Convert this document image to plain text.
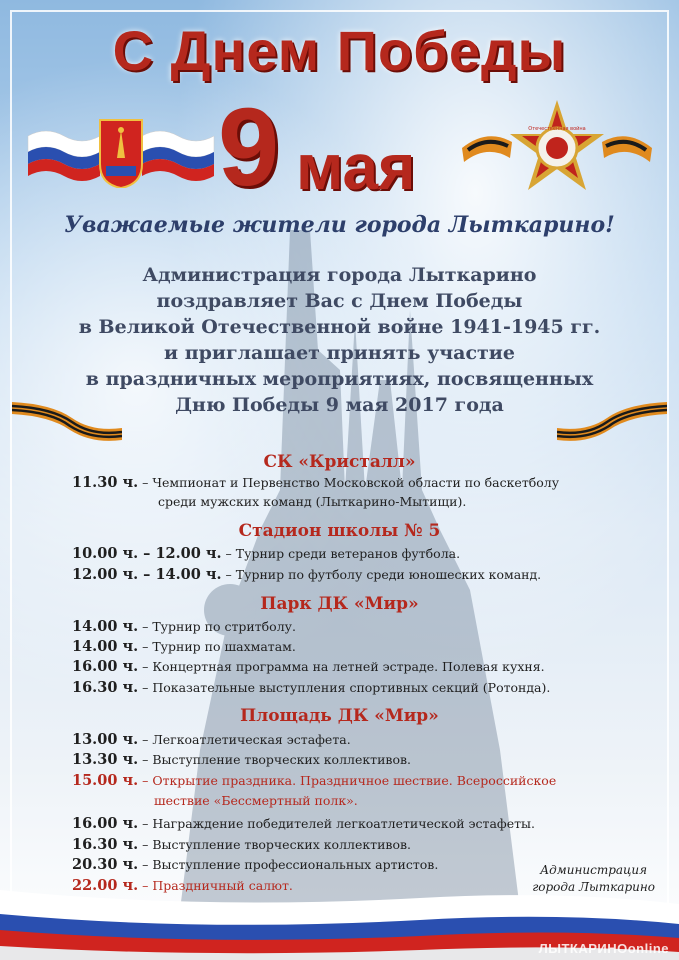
С Днем Победы
9 мая
Отечественная война
Уважаемые жители города Лыткарино!
Администрация города Лыткарино
поздравляет Вас с Днем Победы
в Великой Отечественной войне 1941-1945 гг.
и приглашает принять участие
в праздничных мероприятиях, посвященных
Дню Победы 9 мая 2017 года
СК «Кристалл»
11.30 ч. – Чемпионат и Первенство Московской области по баскетболу
среди мужских команд (Лыткарино-Мытищи).
Стадион школы № 5
10.00 ч. – 12.00 ч. – Турнир среди ветеранов футбола.
12.00 ч. – 14.00 ч. – Турнир по футболу среди юношеских команд.
Парк ДК «Мир»
14.00 ч. – Турнир по стритболу.
14.00 ч. – Турнир по шахматам.
16.00 ч. – Концертная программа на летней эстраде. Полевая кухня.
16.30 ч. – Показательные выступления спортивных секций (Ротонда).
Площадь ДК «Мир»
13.00 ч. – Легкоатлетическая эстафета.
13.30 ч. – Выступление творческих коллективов.
15.00 ч. – Открытие праздника. Праздничное шествие. Всероссийское
шествие «Бессмертный полк».
16.00 ч. – Награждение победителей легкоатлетической эстафеты.
16.30 ч. – Выступление творческих коллективов.
20.30 ч. – Выступление профессиональных артистов.
22.00 ч. – Праздничный салют.
Администрация
города Лыткарино
ЛЫТКАРИНОonline
